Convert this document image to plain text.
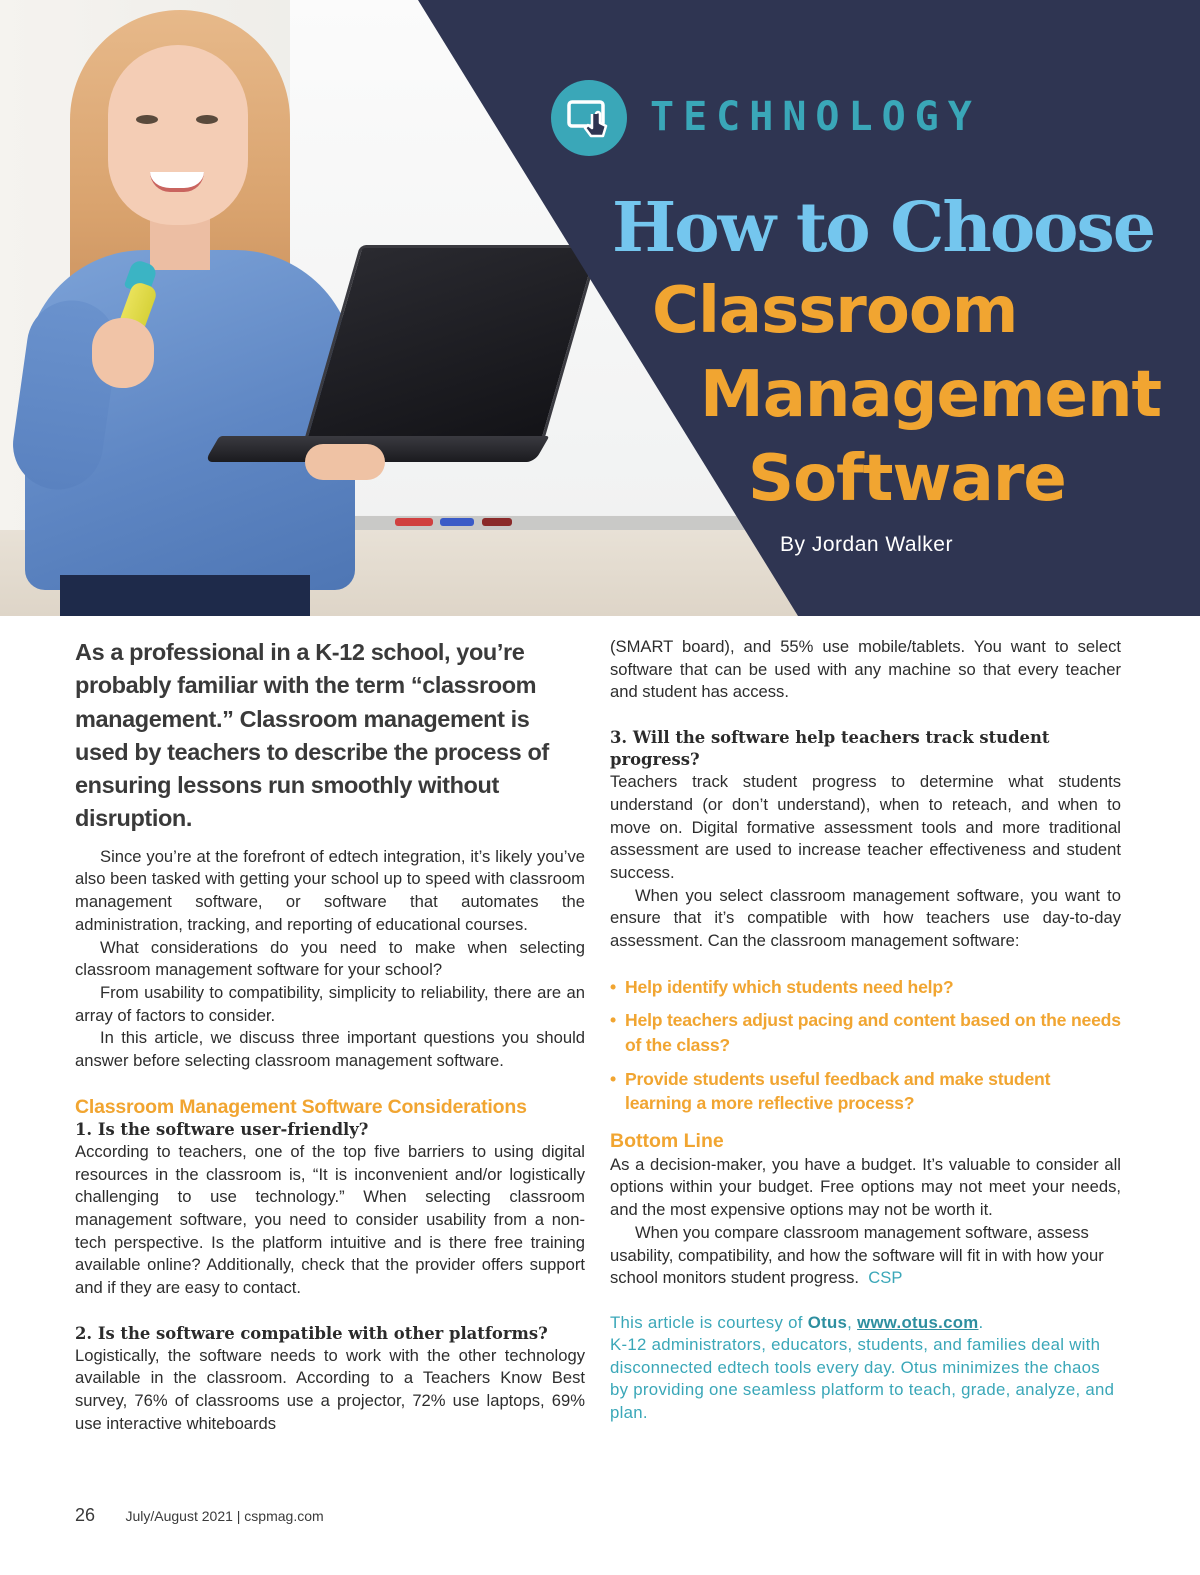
TECHNOLOGY
How to Choose
Classroom
Management
Software
By Jordan Walker

As a professional in a K-12 school, you’re probably familiar with the term “classroom management.” Classroom management is used by teachers to describe the process of ensuring lessons run smoothly without disruption.

Since you’re at the forefront of edtech integration, it’s likely you’ve also been tasked with getting your school up to speed with classroom management software, or software that automates the administration, tracking, and reporting of educational courses.

What considerations do you need to make when selecting classroom management software for your school?

From usability to compatibility, simplicity to reliability, there are an array of factors to consider.

In this article, we discuss three important questions you should answer before selecting classroom management software.

Classroom Management Software Considerations
1. Is the software user-friendly?

According to teachers, one of the top five barriers to using digital resources in the classroom is, “It is inconvenient and/or logistically challenging to use technology.” When selecting classroom management software, you need to consider usability from a non-tech perspective. Is the platform intuitive and is there free training available online? Additionally, check that the provider offers support and if they are easy to contact.

2. Is the software compatible with other platforms?

Logistically, the software needs to work with the other technology available in the classroom. According to a Teachers Know Best survey, 76% of classrooms use a projector, 72% use laptops, 69% use interactive whiteboards

(SMART board), and 55% use mobile/tablets. You want to select software that can be used with any machine so that every teacher and student has access.

3. Will the software help teachers track student progress?

Teachers track student progress to determine what students understand (or don’t understand), when to reteach, and when to move on. Digital formative assessment tools and more traditional assessment are used to increase teacher effectiveness and student success.

When you select classroom management software, you want to ensure that it’s compatible with how teachers use day-to-day assessment. Can the classroom management software:

• Help identify which students need help?
• Help teachers adjust pacing and content based on the needs of the class?
• Provide students useful feedback and make student learning a more reflective process?
Bottom Line

As a decision-maker, you have a budget. It’s valuable to consider all options within your budget. Free options may not meet your needs, and the most expensive options may not be worth it.

When you compare classroom management software, assess usability, compatibility, and how the software will fit in with how your school monitors student progress. CSP

This article is courtesy of Otus, www.otus.com.
K-12 administrators, educators, students, and families deal with disconnected edtech tools every day. Otus minimizes the chaos by providing one seamless platform to teach, grade, analyze, and plan.
26 July/August 2021 | cspmag.com
